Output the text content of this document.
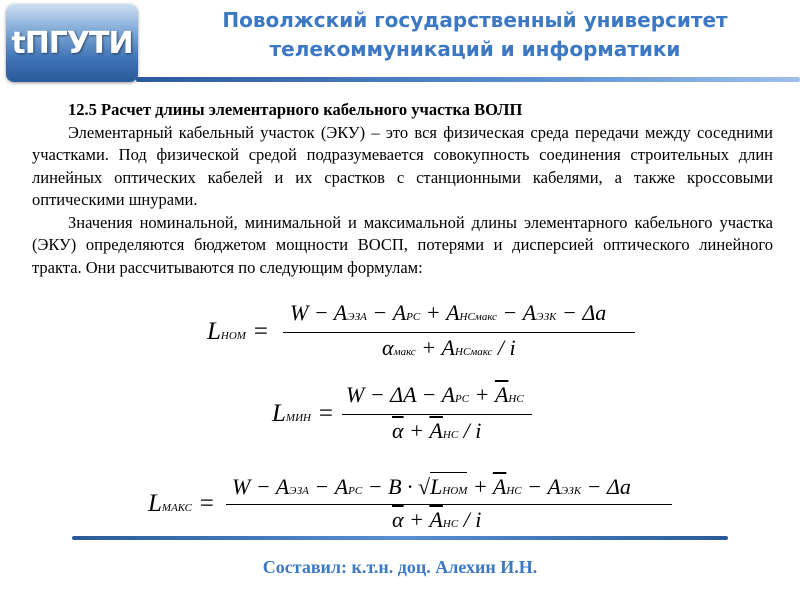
tПГУТИ
Поволжский государственный университет
телекоммуникаций и информатики

12.5 Расчет длины элементарного кабельного участка ВОЛП

Элементарный кабельный участок (ЭКУ) – это вся физическая среда передачи между соседними участками. Под физической средой подразумевается совокупность соединения строительных длин линейных оптических кабелей и их срастков с станционными кабелями, а также кроссовыми оптическими шнурами.

Значения номинальной, минимальной и максимальной длины элементарного кабельного участка (ЭКУ) определяются бюджетом мощности ВОСП, потерями и дисперсией оптического линейного тракта. Они рассчитываются по следующим формулам:

LНОМ =
W − AЭЗА − AРС + AНСмакс − AЭЗК − Δa
αмакс + AНСмакс / i
LМИН =
W − ΔA − AРС + $\overline{A}НС$
$\overline{\alpha} + \overline{A}НС / i$
LМАКС =
W − AЭЗА − AРС − B · √LНОМ + $\overline{A}НС$ − AЭЗК − Δa
$\overline{\alpha} + \overline{A}НС / i$
Составил: к.т.н. доц. Алехин И.Н.
